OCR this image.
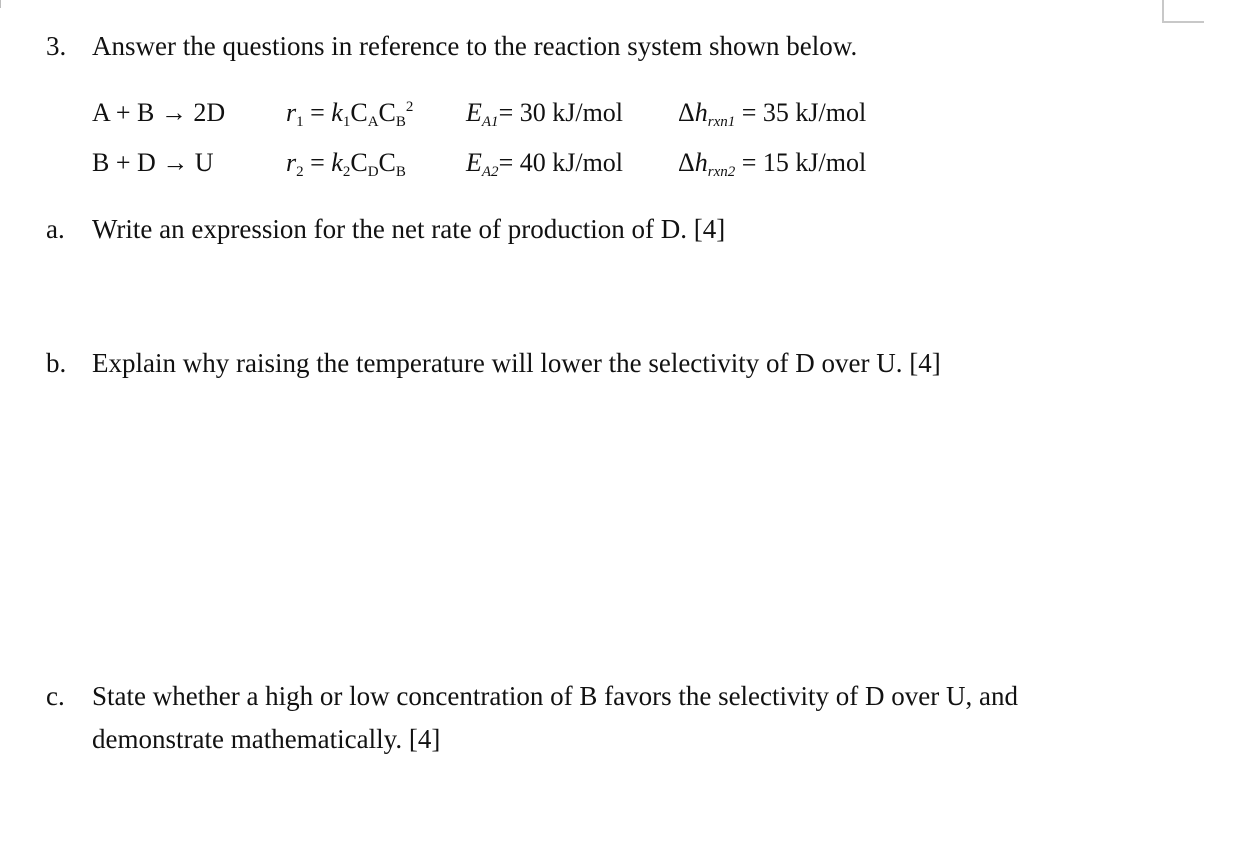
3. Answer the questions in reference to the reaction system shown below.
A + B → 2D $r1 = k1CACB^2$ EA1= 30 kJ/mol Δhrxn1 = 35 kJ/mol
B + D → U	r2 = k2CDCB EA2= 40 kJ/mol Δhrxn2 = 15 kJ/mol
a. Write an expression for the net rate of production of D. [4]
b. Explain why raising the temperature will lower the selectivity of D over U. [4]
c. State whether a high or low concentration of B favors the selectivity of D over U, and
demonstrate mathematically. [4]
